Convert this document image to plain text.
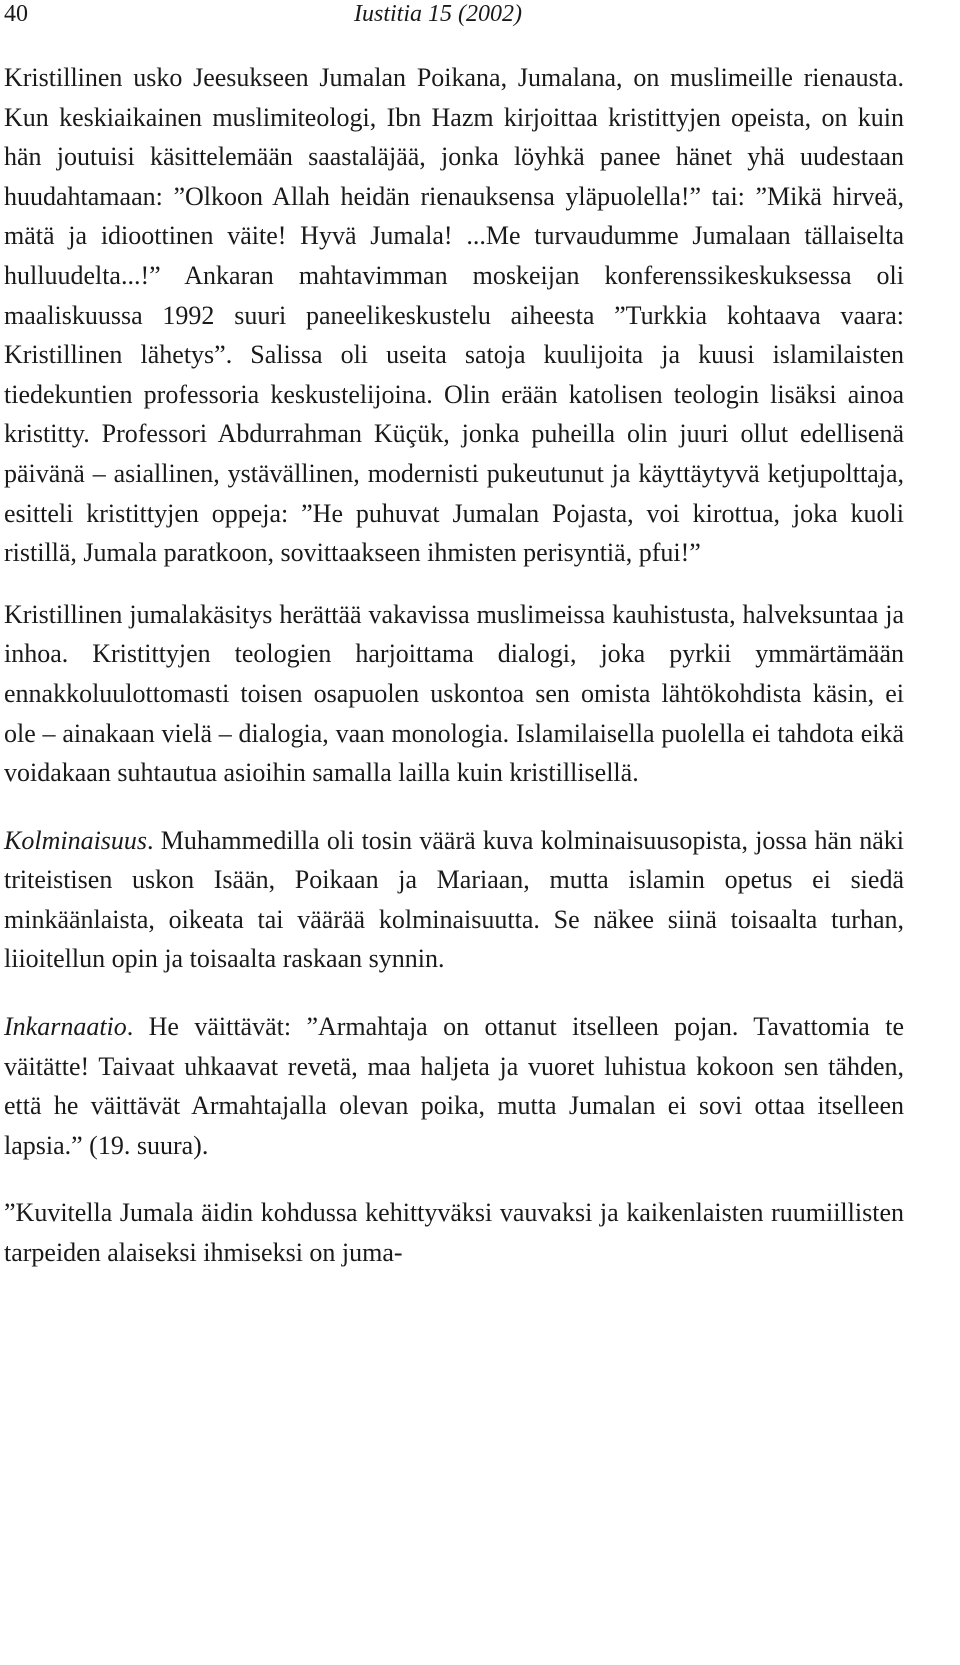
40	Iustitia 15 (2002)

Kristillinen usko Jeesukseen Jumalan Poikana, Jumalana, on muslimeille rienausta. Kun keskiaikainen muslimiteologi, Ibn Hazm kirjoittaa kristittyjen opeista, on kuin hän joutuisi käsittelemään saastaläjää, jonka löyhkä panee hänet yhä uudestaan huudahtamaan: ”Olkoon Allah heidän rienauksensa yläpuolella!” tai: ”Mikä hirveä, mätä ja idioottinen väite! Hyvä Jumala! ...Me turvaudumme Jumalaan tällaiselta hulluudelta...!” Ankaran mahtavimman moskeijan konferenssikeskuksessa oli maaliskuussa 1992 suuri paneelikeskustelu aiheesta ”Turkkia kohtaava vaara: Kristillinen lähetys”. Salissa oli useita satoja kuulijoita ja kuusi islamilaisten tiedekuntien professoria keskustelijoina. Olin erään katolisen teologin lisäksi ainoa kristitty. Professori Abdurrahman Küçük, jonka puheilla olin juuri ollut edellisenä päivänä – asiallinen, ystävällinen, modernisti pukeutunut ja käyttäytyvä ketjupolttaja, esitteli kristittyjen oppeja: ”He puhuvat Jumalan Pojasta, voi kirottua, joka kuoli ristillä, Jumala paratkoon, sovittaakseen ihmisten perisyntiä, pfui!”

Kristillinen jumalakäsitys herättää vakavissa muslimeissa kauhistusta, halveksuntaa ja inhoa. Kristittyjen teologien harjoittama dialogi, joka pyrkii ymmärtämään ennakkoluulottomasti toisen osapuolen uskontoa sen omista lähtökohdista käsin, ei ole – ainakaan vielä – dialogia, vaan monologia. Islamilaisella puolella ei tahdota eikä voidakaan suhtautua asioihin samalla lailla kuin kristillisellä.

Kolminaisuus. Muhammedilla oli tosin väärä kuva kolminaisuusopista, jossa hän näki triteistisen uskon Isään, Poikaan ja Mariaan, mutta islamin opetus ei siedä minkäänlaista, oikeata tai väärää kolminaisuutta. Se näkee siinä toisaalta turhan, liioitellun opin ja toisaalta raskaan synnin.

Inkarnaatio. He väittävät: ”Armahtaja on ottanut itselleen pojan. Tavattomia te väitätte! Taivaat uhkaavat revetä, maa haljeta ja vuoret luhistua kokoon sen tähden, että he väittävät Armahtajalla olevan poika, mutta Jumalan ei sovi ottaa itselleen lapsia.” (19. suura).

”Kuvitella Jumala äidin kohdussa kehittyväksi vauvaksi ja kaikenlaisten ruumiillisten tarpeiden alaiseksi ihmiseksi on juma-
